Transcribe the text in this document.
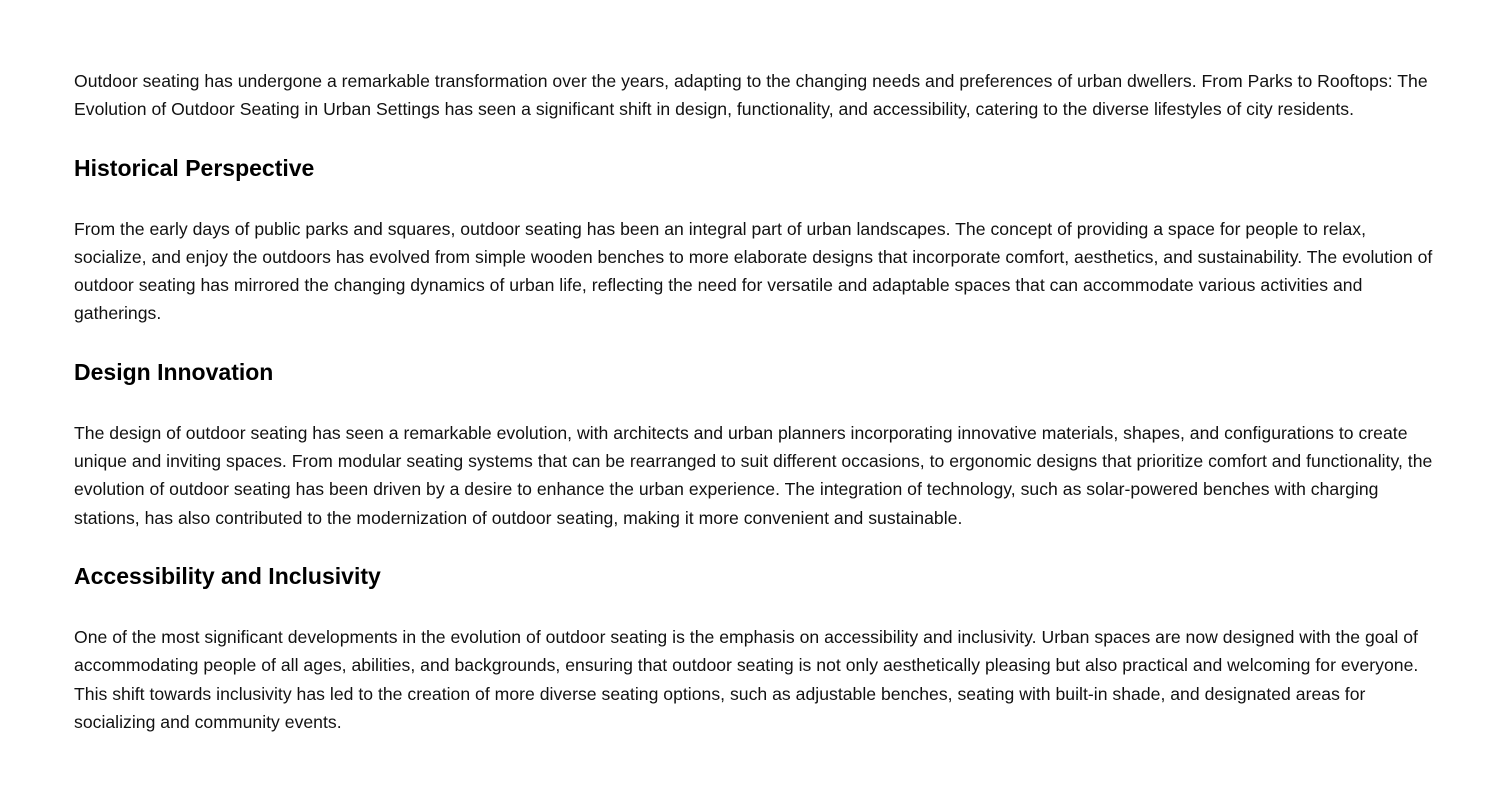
Outdoor seating has undergone a remarkable transformation over the years, adapting to the changing needs and preferences of urban dwellers. From Parks to Rooftops: The Evolution of Outdoor Seating in Urban Settings has seen a significant shift in design, functionality, and accessibility, catering to the diverse lifestyles of city residents.

Historical Perspective

From the early days of public parks and squares, outdoor seating has been an integral part of urban landscapes. The concept of providing a space for people to relax, socialize, and enjoy the outdoors has evolved from simple wooden benches to more elaborate designs that incorporate comfort, aesthetics, and sustainability. The evolution of outdoor seating has mirrored the changing dynamics of urban life, reflecting the need for versatile and adaptable spaces that can accommodate various activities and gatherings.

Design Innovation

The design of outdoor seating has seen a remarkable evolution, with architects and urban planners incorporating innovative materials, shapes, and configurations to create unique and inviting spaces. From modular seating systems that can be rearranged to suit different occasions, to ergonomic designs that prioritize comfort and functionality, the evolution of outdoor seating has been driven by a desire to enhance the urban experience. The integration of technology, such as solar-powered benches with charging stations, has also contributed to the modernization of outdoor seating, making it more convenient and sustainable.

Accessibility and Inclusivity

One of the most significant developments in the evolution of outdoor seating is the emphasis on accessibility and inclusivity. Urban spaces are now designed with the goal of accommodating people of all ages, abilities, and backgrounds, ensuring that outdoor seating is not only aesthetically pleasing but also practical and welcoming for everyone. This shift towards inclusivity has led to the creation of more diverse seating options, such as adjustable benches, seating with built-in shade, and designated areas for socializing and community events.
